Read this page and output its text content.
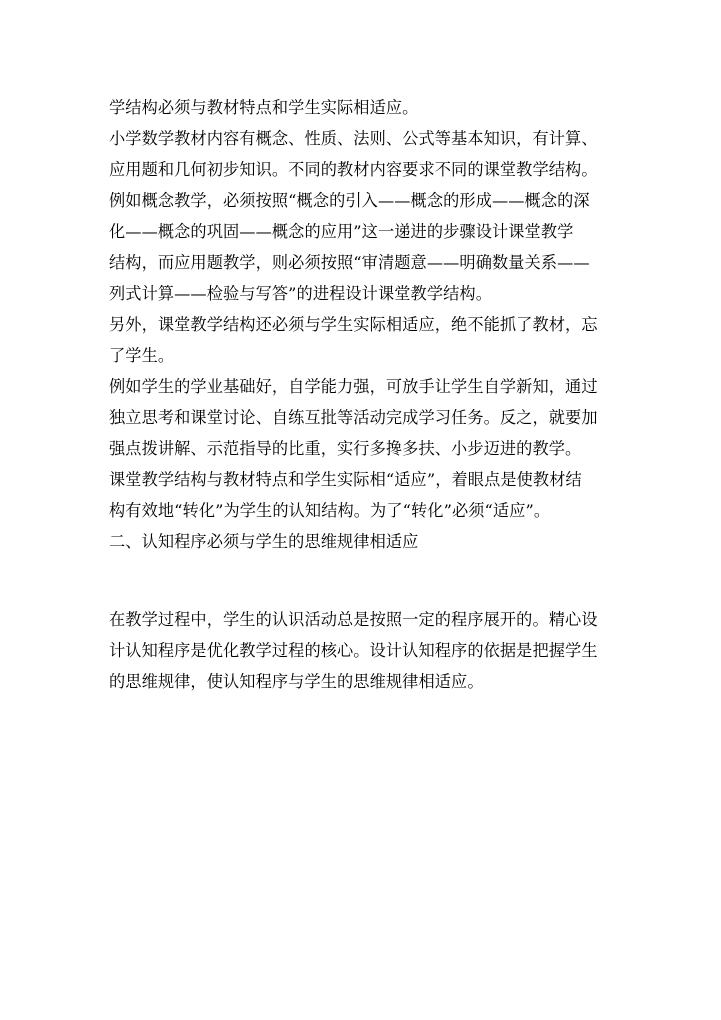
学结构必须与教材特点和学生实际相适应。
小学数学教材内容有概念、性质、法则、公式等基本知识，有计算、
应用题和几何初步知识。不同的教材内容要求不同的课堂教学结构。
例如概念教学，必须按照“概念的引入——概念的形成——概念的深
化——概念的巩固——概念的应用”这一递进的步骤设计课堂教学
结构，而应用题教学，则必须按照“审清题意——明确数量关系——
列式计算——检验与写答”的进程设计课堂教学结构。
另外，课堂教学结构还必须与学生实际相适应，绝不能抓了教材，忘
了学生。
例如学生的学业基础好，自学能力强，可放手让学生自学新知，通过
独立思考和课堂讨论、自练互批等活动完成学习任务。反之，就要加
强点拨讲解、示范指导的比重，实行多搀多扶、小步迈进的教学。
课堂教学结构与教材特点和学生实际相“适应”，着眼点是使教材结
构有效地“转化”为学生的认知结构。为了“转化”必须“适应”。
二、认知程序必须与学生的思维规律相适应
在教学过程中，学生的认识活动总是按照一定的程序展开的。精心设
计认知程序是优化教学过程的核心。设计认知程序的依据是把握学生
的思维规律，使认知程序与学生的思维规律相适应。
